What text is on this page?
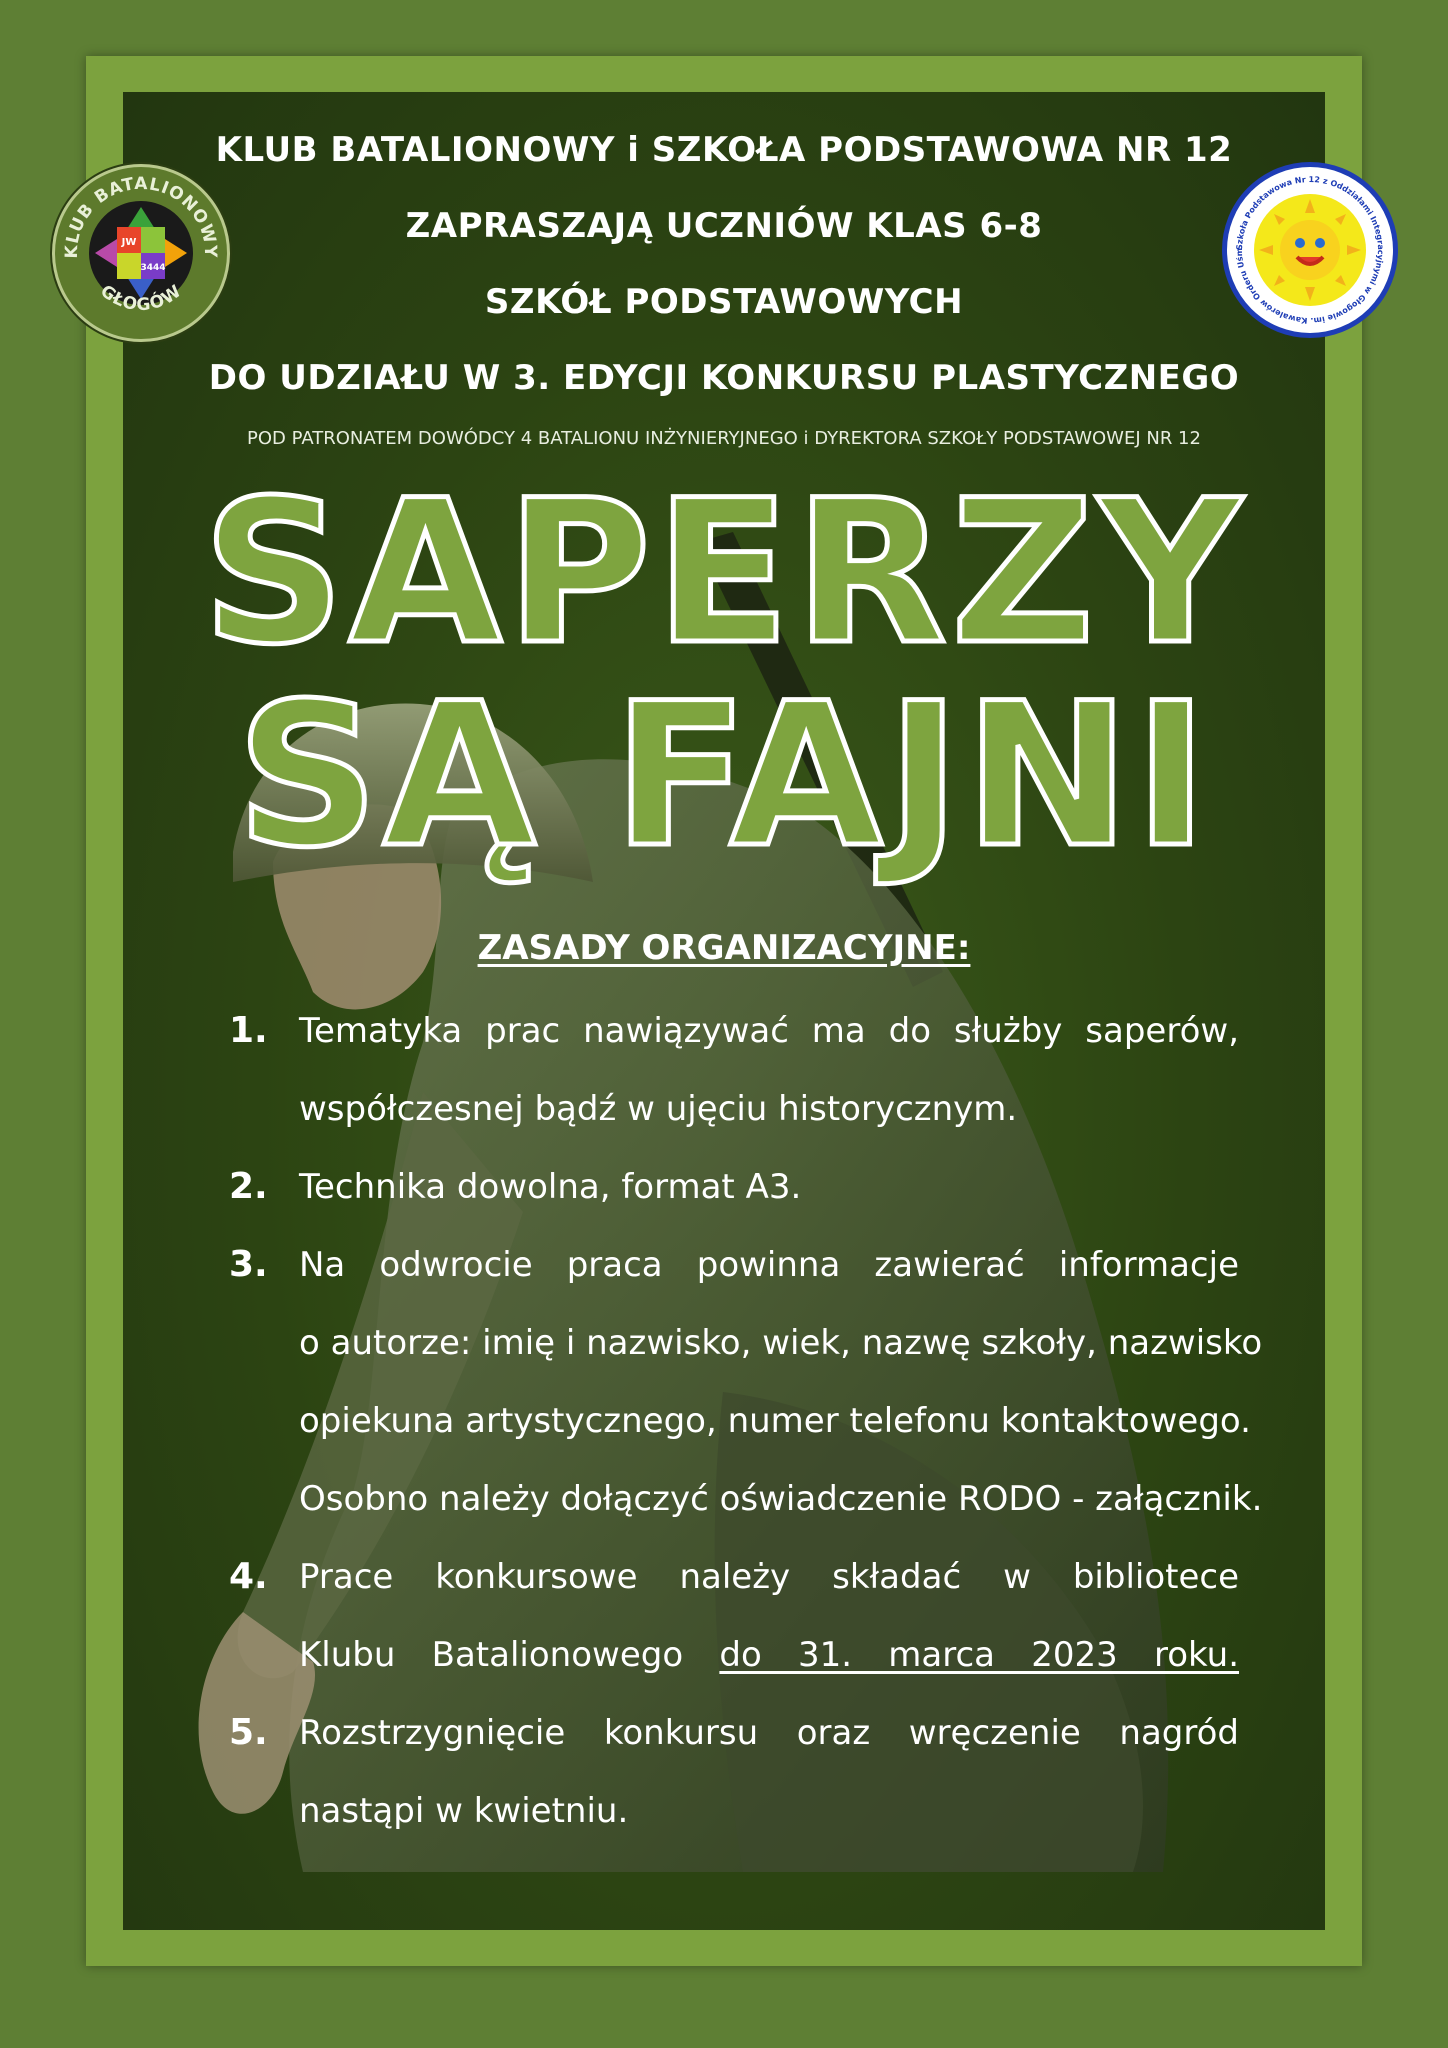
KLUB BATALIONOWY i SZKOŁA PODSTAWOWA NR 12
ZAPRASZAJĄ UCZNIÓW KLAS 6-8
SZKÓŁ PODSTAWOWYCH
DO UDZIAŁU W 3. EDYCJI KONKURSU PLASTYCZNEGO
POD PATRONATEM DOWÓDCY 4 BATALIONU INŻYNIERYJNEGO i DYREKTORA SZKOŁY PODSTAWOWEJ NR 12
SAPERZY
SĄ FAJNI
ZASADY ORGANIZACYJNE:
1. Tematyka prac nawiązywać ma do służby saperów,
współczesnej bądź w ujęciu historycznym.
2. Technika dowolna, format A3.
3. Na odwrocie praca powinna zawierać informacje
o autorze: imię i nazwisko, wiek, nazwę szkoły, nazwisko
opiekuna artystycznego, numer telefonu kontaktowego.
Osobno należy dołączyć oświadczenie RODO - załącznik.
4. Prace konkursowe należy składać w bibliotece
Klubu Batalionowego do 31. marca 2023 roku.
5. Rozstrzygnięcie konkursu oraz wręczenie nagród
nastąpi w kwietniu.
JW
3444
KLUB BATALIONOWY
GŁOGÓW
Szkoła Podstawowa Nr 12 z Oddziałami Integracyjnymi w Głogowie im. Kawalerów Orderu Uśm
